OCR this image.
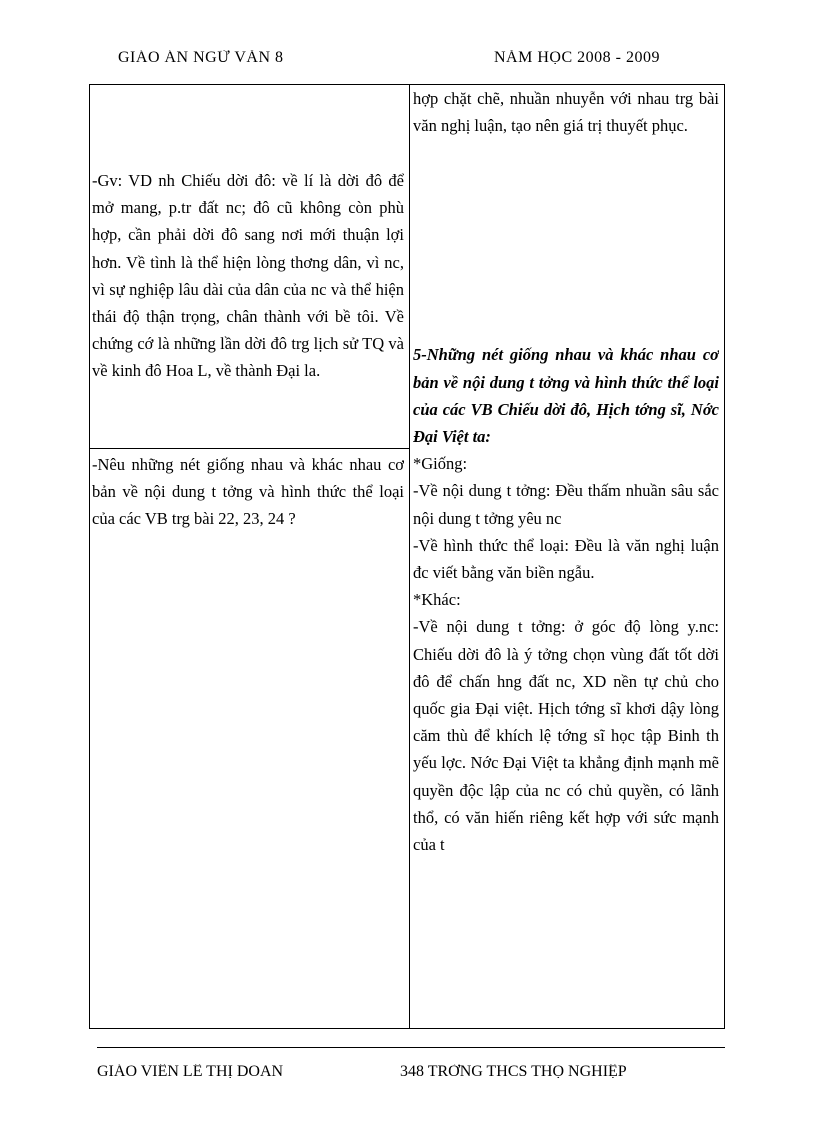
GIÁO ÁN NGỮ VĂN 8	NĂM HỌC 2008 - 2009

-Gv: VD nh Chiếu dời đô: về lí là dời đô để mở mang, p.tr đất nc; đô cũ không còn phù hợp, cần phải dời đô sang nơi mới thuận lợi hơn. Về tình là thể hiện lòng thơng dân, vì nc, vì sự nghiệp lâu dài của dân của nc và thể hiện thái độ thận trọng, chân thành với bề tôi. Về chứng cớ là những lần dời đô trg lịch sử TQ và về kinh đô Hoa L, về thành Đại la.

-Nêu những nét giống nhau và khác nhau cơ bản về nội dung t tởng và hình thức thể loại của các VB trg bài 22, 23, 24 ?

hợp chặt chẽ, nhuần nhuyễn với nhau trg bài văn nghị luận, tạo nên giá trị thuyết phục.

5-Những nét giống nhau và khác nhau cơ bản về nội dung t tởng và hình thức thể loại của các VB Chiếu dời đô, Hịch tớng sĩ, Nớc Đại Việt ta:

*Giống:

-Về nội dung t tởng: Đều thấm nhuần sâu sắc nội dung t tởng yêu nc

-Về hình thức thể loại: Đều là văn nghị luận đc viết bằng văn biền ngẫu.

*Khác:

-Về nội dung t tởng: ở góc độ lòng y.nc: Chiếu dời đô là ý tởng chọn vùng đất tốt dời đô để chấn hng đất nc, XD nền tự chủ cho quốc gia Đại việt. Hịch tớng sĩ khơi dậy lòng căm thù để khích lệ tớng sĩ học tập Binh th yếu lợc. Nớc Đại Việt ta khẳng định mạnh mẽ quyền độc lập của nc có chủ quyền, có lãnh thổ, có văn hiến riêng kết hợp với sức mạnh của t

GIÁO VIÊN LÊ THỊ DOAN	348 TRỜNG THCS THỌ NGHIỆP
